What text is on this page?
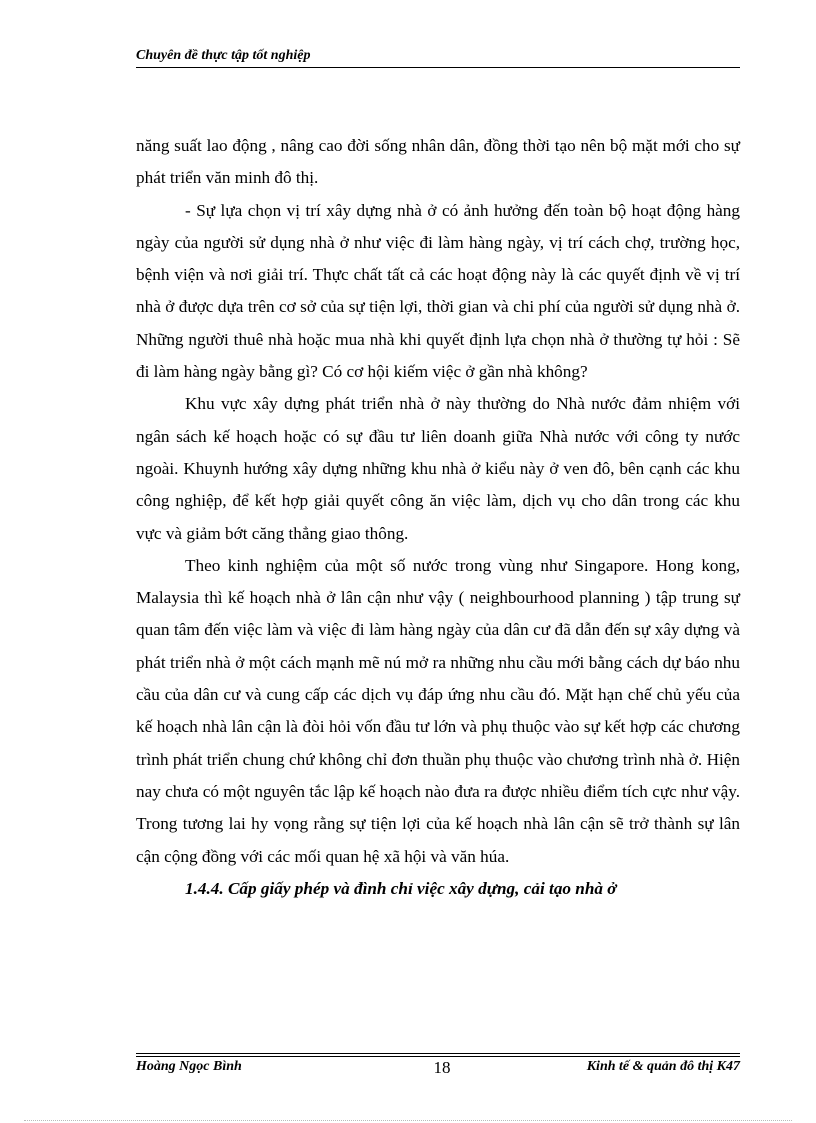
Chuyên đề thực tập tốt nghiệp

năng suất lao động , nâng cao đời sống nhân dân, đồng thời tạo nên bộ mặt mới cho sự phát triển văn minh đô thị.

- Sự lựa chọn vị trí xây dựng nhà ở có ảnh hưởng đến toàn bộ hoạt động hàng ngày của người sử dụng nhà ở như việc đi làm hàng ngày, vị trí cách chợ, trường học, bệnh viện và nơi giải trí. Thực chất tất cả các hoạt động này là các quyết định về vị trí nhà ở được dựa trên cơ sở của sự tiện lợi, thời gian và chi phí của người sử dụng nhà ở. Những người thuê nhà hoặc mua nhà khi quyết định lựa chọn nhà ở thường tự hỏi : Sẽ đi làm hàng ngày bằng gì? Có cơ hội kiếm việc ở gần nhà không?

Khu vực xây dựng phát triển nhà ở này thường do Nhà nước đảm nhiệm với ngân sách kế hoạch hoặc có sự đầu tư liên doanh giữa Nhà nước với công ty nước ngoài. Khuynh hướng xây dựng những khu nhà ở kiểu này ở ven đô, bên cạnh các khu công nghiệp, để kết hợp giải quyết công ăn việc làm, dịch vụ cho dân trong các khu vực và giảm bớt căng thẳng giao thông.

Theo kinh nghiệm của một số nước trong vùng như Singapore. Hong kong, Malaysia thì kế hoạch nhà ở lân cận như vậy ( neighbourhood planning ) tập trung sự quan tâm đến việc làm và việc đi làm hàng ngày của dân cư đã dẫn đến sự xây dựng và phát triển nhà ở một cách mạnh mẽ nú mở ra những nhu cầu mới bằng cách dự báo nhu cầu của dân cư và cung cấp các dịch vụ đáp ứng nhu cầu đó. Mặt hạn chế chủ yếu của kế hoạch nhà lân cận là đòi hỏi vốn đầu tư lớn và phụ thuộc vào sự kết hợp các chương trình phát triển chung chứ không chỉ đơn thuần phụ thuộc vào chương trình nhà ở. Hiện nay chưa có một nguyên tắc lập kế hoạch nào đưa ra được nhiều điểm tích cực như vậy. Trong tương lai hy vọng rằng sự tiện lợi của kế hoạch nhà lân cận sẽ trở thành sự lân cận cộng đồng với các mối quan hệ xã hội và văn húa.

1.4.4. Cấp giấy phép và đình chỉ việc xây dựng, cải tạo nhà ở

Hoàng Ngọc Bình	18	Kinh tế & quản đô thị K47
